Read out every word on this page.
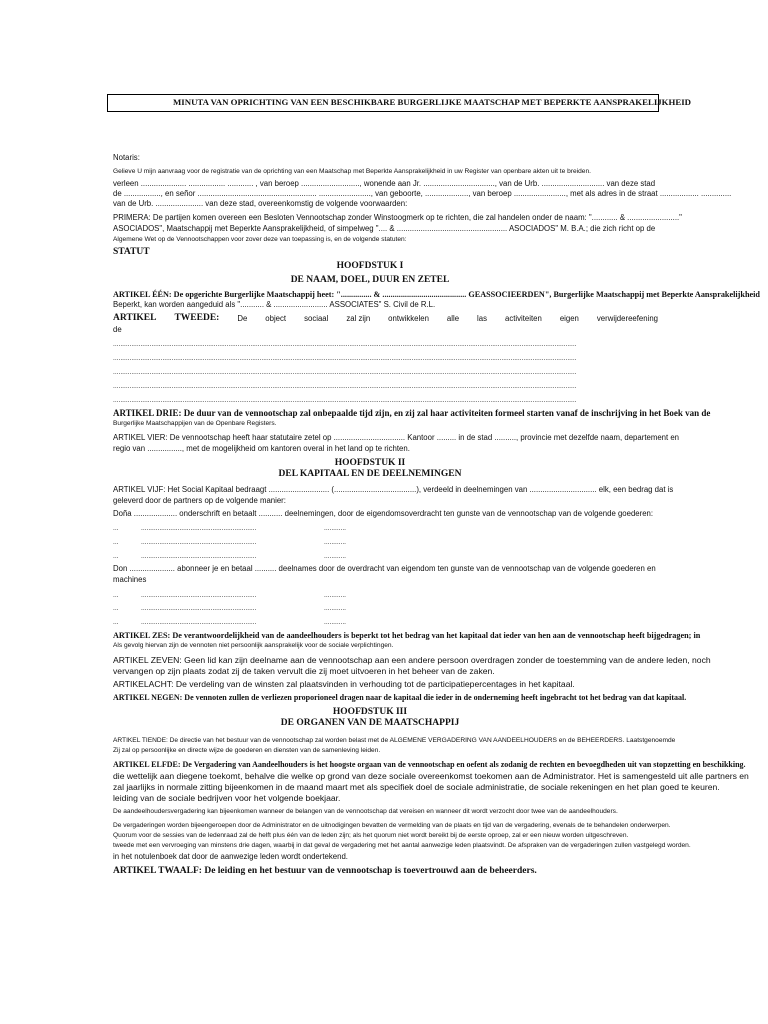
MINUTA VAN OPRICHTING VAN EEN BESCHIKBARE BURGERLIJKE MAATSCHAP MET BEPERKTE AANSPRAKELIJKHEID
Notaris:
Gelieve U mijn aanvraag voor de registratie van de oprichting van een Maatschap met Beperkte Aansprakelijkheid in uw Register van openbare akten uit te breiden.
verleen ..................... ................. ............ , van beroep ..........................., wonende aan Jr. ................................., van de Urb. ............................. van deze stad
de ................., en señor ....................................................... ........................, van geboorte, ...................., van beroep ........................, met als adres in de straat .................. ..............
van de Urb. ...................... van deze stad, overeenkomstig de volgende voorwaarden:
PRIMERA: De partijen komen overeen een Besloten Vennootschap zonder Winstoogmerk op te richten, die zal handelen onder de naam: "............ & ........................"
ASOCIADOS", Maatschappij met Beperkte Aansprakelijkheid, of simpelweg ".... & ................................................... ASOCIADOS" M. B.A.; die zich richt op de
Algemene Wet op de Vennootschappen voor zover deze van toepassing is, en de volgende statuten:
STATUT
HOOFDSTUK I
DE NAAM, DOEL, DUUR EN ZETEL
ARTIKEL ÉÉN: De opgerichte Burgerlijke Maatschappij heet: "............... & ......................................... GEASSOCIEERDEN", Burgerlijke Maatschappij met Beperkte Aansprakelijkheid
Beperkt, kan worden aangeduid als "........... & ......................... ASSOCIATES" S. Civil de R.L.
ARTIKEL TWEEDE: De object sociaal zal zijn ontwikkelen alle las activiteiten eigen verwijdereefening
de
.............................................................................................................................................................................................................................................................
.............................................................................................................................................................................................................................................................
.............................................................................................................................................................................................................................................................
.............................................................................................................................................................................................................................................................
.............................................................................................................................................................................................................................................................
ARTIKEL DRIE: De duur van de vennootschap zal onbepaalde tijd zijn, en zij zal haar activiteiten formeel starten vanaf de inschrijving in het Boek van de
Burgerlijke Maatschappijen van de Openbare Registers.
ARTIKEL VIER: De vennootschap heeft haar statutaire zetel op ................................. Kantoor ......... in de stad .........., provincie met dezelfde naam, departement en
regio van ................, met de mogelijkheid om kantoren overal in het land op te richten.
HOOFDSTUK II
DEL KAPITAAL EN DE DEELNEMINGEN
ARTIKEL VIJF: Het Social Kapitaal bedraagt ............................ (......................................), verdeeld in deelnemingen van ............................... elk, een bedrag dat is
geleverd door de partners op de volgende manier:
Doña .................... onderschrift en betaalt ........... deelnemingen, door de eigendomsoverdracht ten gunste van de vennootschap van de volgende goederen:
...	...............................................................	............
...	...............................................................	............
...	...............................................................	............
Don ..................... abonneer je en betaal .......... deelnames door de overdracht van eigendom ten gunste van de vennootschap van de volgende goederen en
machines
...	...............................................................	............
...	...............................................................	............
...	...............................................................	............
ARTIKEL ZES: De verantwoordelijkheid van de aandeelhouders is beperkt tot het bedrag van het kapitaal dat ieder van hen aan de vennootschap heeft bijgedragen; in
Als gevolg hiervan zijn de vennoten niet persoonlijk aansprakelijk voor de sociale verplichtingen.
ARTIKEL ZEVEN: Geen lid kan zijn deelname aan de vennootschap aan een andere persoon overdragen zonder de toestemming van de andere leden, noch
vervangen op zijn plaats zodat zij de taken vervult die zij moet uitvoeren in het beheer van de zaken.
ARTIKELACHT: De verdeling van de winsten zal plaatsvinden in verhouding tot de participatiepercentages in het kapitaal.
ARTIKEL NEGEN: De vennoten zullen de verliezen proporioneel dragen naar de kapitaal die ieder in de onderneming heeft ingebracht tot het bedrag van dat kapitaal.
HOOFDSTUK III
DE ORGANEN VAN DE MAATSCHAPPIJ
ARTIKEL TIENDE: De directie van het bestuur van de vennootschap zal worden belast met de ALGEMENE VERGADERING VAN AANDEELHOUDERS en de BEHEERDERS. Laatstgenoemde
Zij zal op persoonlijke en directe wijze de goederen en diensten van de samenleving leiden.
ARTIKEL ELFDE: De Vergadering van Aandeelhouders is het hoogste orgaan van de vennootschap en oefent als zodanig de rechten en bevoegdheden uit van stopzetting en beschikking.
die wettelijk aan diegene toekomt, behalve die welke op grond van deze sociale overeenkomst toekomen aan de Administrator. Het is samengesteld uit alle partners en
zal jaarlijks in normale zitting bijeenkomen in de maand maart met als specifiek doel de sociale administratie, de sociale rekeningen en het plan goed te keuren.
leiding van de sociale bedrijven voor het volgende boekjaar.
De aandeelhoudersvergadering kan bijeenkomen wanneer de belangen van de vennootschap dat vereisen en wanneer dit wordt verzocht door twee van de aandeelhouders.
De vergaderingen worden bijeengeroepen door de Administrator en de uitnodigingen bevatten de vermelding van de plaats en tijd van de vergadering, evenals de te behandelen onderwerpen.
Quorum voor de sessies van de ledenraad zal de helft plus één van de leden zijn; als het quorum niet wordt bereikt bij de eerste oproep, zal er een nieuw worden uitgeschreven.
tweede met een vervroeging van minstens drie dagen, waarbij in dat geval de vergadering met het aantal aanwezige leden plaatsvindt. De afspraken van de vergaderingen zullen vastgelegd worden.
in het notulenboek dat door de aanwezige leden wordt ondertekend.
ARTIKEL TWAALF: De leiding en het bestuur van de vennootschap is toevertrouwd aan de beheerders.
